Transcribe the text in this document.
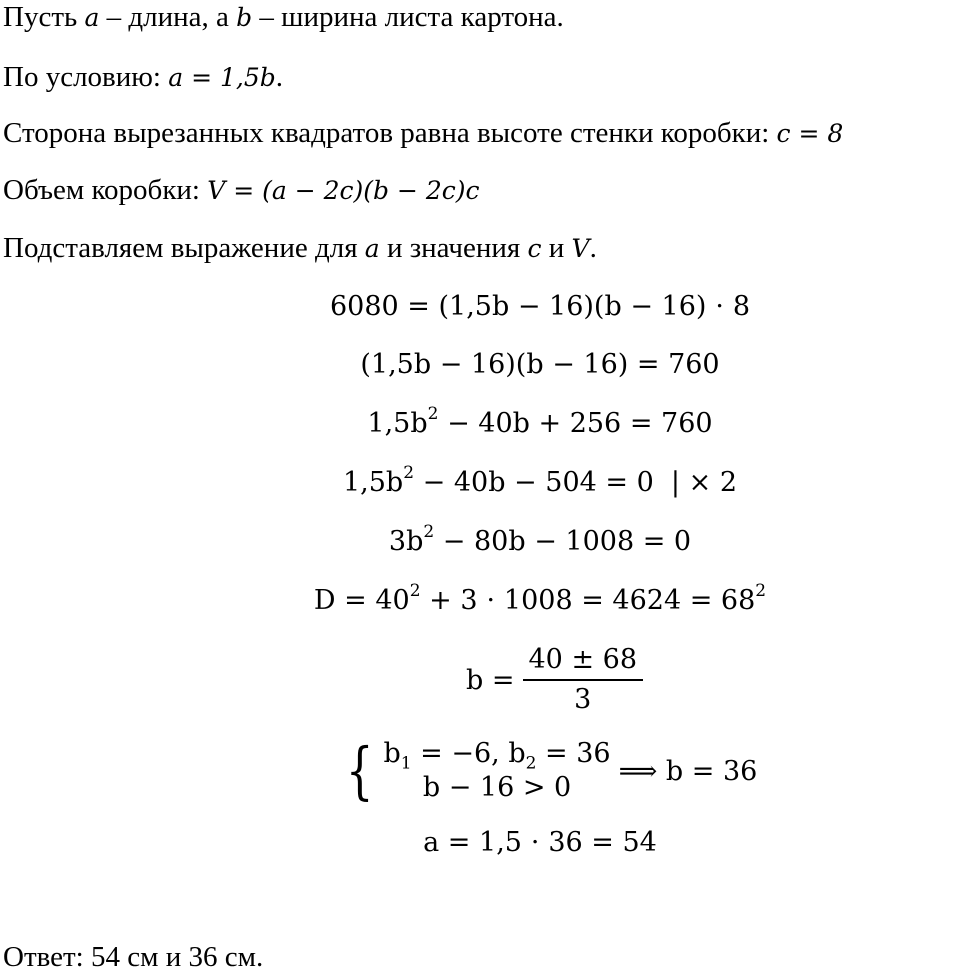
Пусть a – длина, а b – ширина листа картона.
По условию: a = 1,5b.
Сторона вырезанных квадратов равна высоте стенки коробки: c = 8
Объем коробки: V = (a − 2c)(b − 2c)c
Подставляем выражение для a и значения c и V.
6080 = (1,5b − 16)(b − 16) ⋅ 8
(1,5b − 16)(b − 16) = 760
$1,5b^2 - 40b + 256 = 760$
$1,5b^2 - 40b - 504 = 0$  | × 2
$3b^2 - 80b - 1008 = 0$
$D = 40^2 + 3 \cdot 1008 = 4624 = 68^2$
$b = \frac{40 \pm 68}{3}$
{ $b_1 = -6$, $b_2 = 36$
b − 16 > 0
⟹ b = 36
a = 1,5 ⋅ 36 = 54
Ответ: 54 см и 36 см.
